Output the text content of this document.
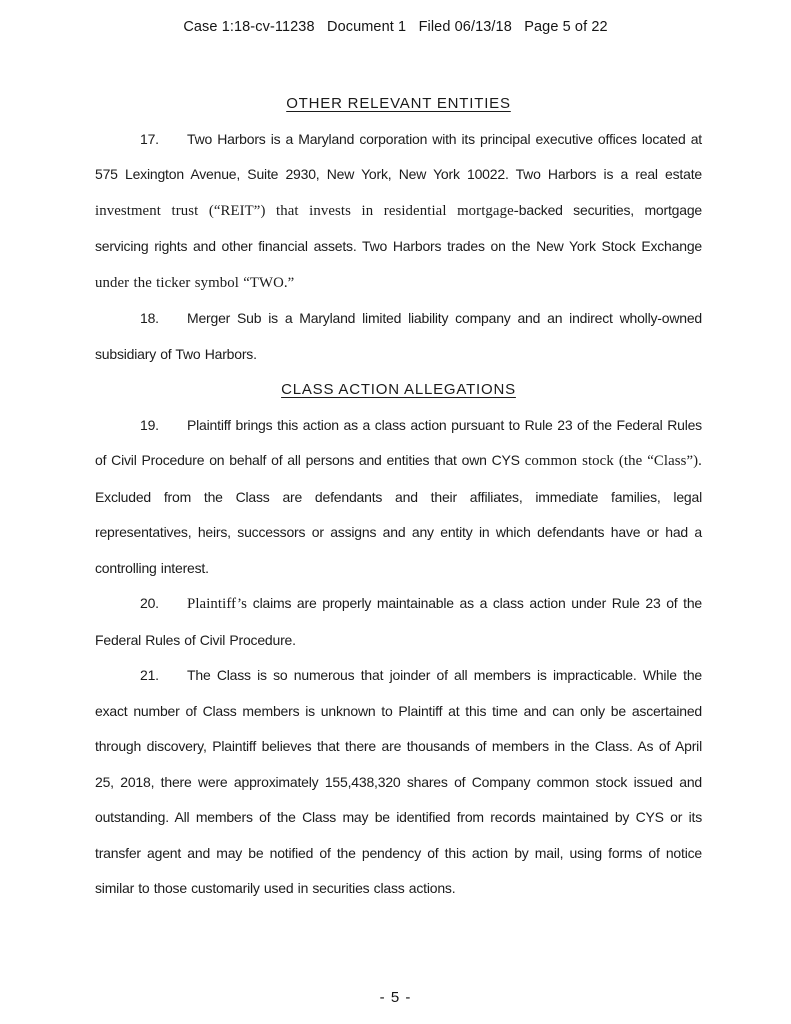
Case 1:18-cv-11238   Document 1   Filed 06/13/18   Page 5 of 22
OTHER RELEVANT ENTITIES

17. Two Harbors is a Maryland corporation with its principal executive offices located at 575 Lexington Avenue, Suite 2930, New York, New York 10022. Two Harbors is a real estate investment trust (“REIT”) that invests in residential mortgage-backed securities, mortgage servicing rights and other financial assets. Two Harbors trades on the New York Stock Exchange under the ticker symbol “TWO.”

18. Merger Sub is a Maryland limited liability company and an indirect wholly-owned subsidiary of Two Harbors.

CLASS ACTION ALLEGATIONS

19. Plaintiff brings this action as a class action pursuant to Rule 23 of the Federal Rules of Civil Procedure on behalf of all persons and entities that own CYS common stock (the “Class”). Excluded from the Class are defendants and their affiliates, immediate families, legal representatives, heirs, successors or assigns and any entity in which defendants have or had a controlling interest.

20. Plaintiff’s claims are properly maintainable as a class action under Rule 23 of the Federal Rules of Civil Procedure.

21. The Class is so numerous that joinder of all members is impracticable. While the exact number of Class members is unknown to Plaintiff at this time and can only be ascertained through discovery, Plaintiff believes that there are thousands of members in the Class. As of April 25, 2018, there were approximately 155,438,320 shares of Company common stock issued and outstanding. All members of the Class may be identified from records maintained by CYS or its transfer agent and may be notified of the pendency of this action by mail, using forms of notice similar to those customarily used in securities class actions.

- 5 -
